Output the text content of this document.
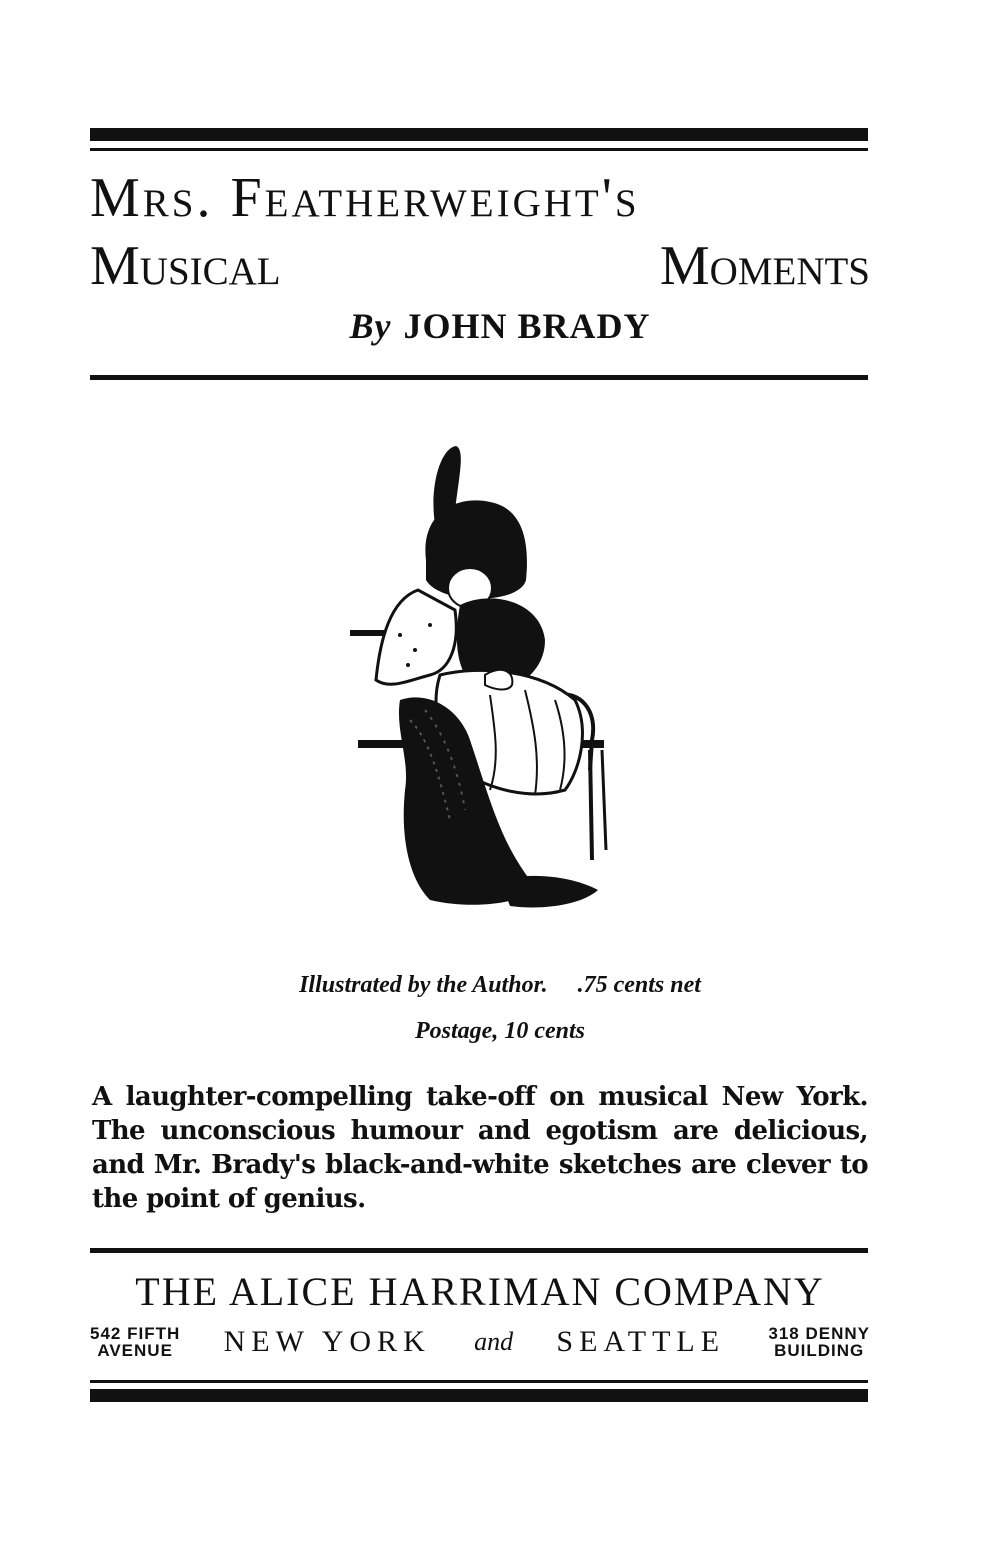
Mrs. Featherweight's
Musical	Moments
By JOHN BRADY
Illustrated by the Author. .75 cents net
Postage, 10 cents
A laughter-compelling take-off on musical New York. The unconscious humour and egotism are delicious, and Mr. Brady's black-and-white sketches are clever to the point of genius.
THE ALICE HARRIMAN COMPANY
542 FIFTH
AVENUE NEW YORK and SEATTLE	318 DENNY
BUILDING
